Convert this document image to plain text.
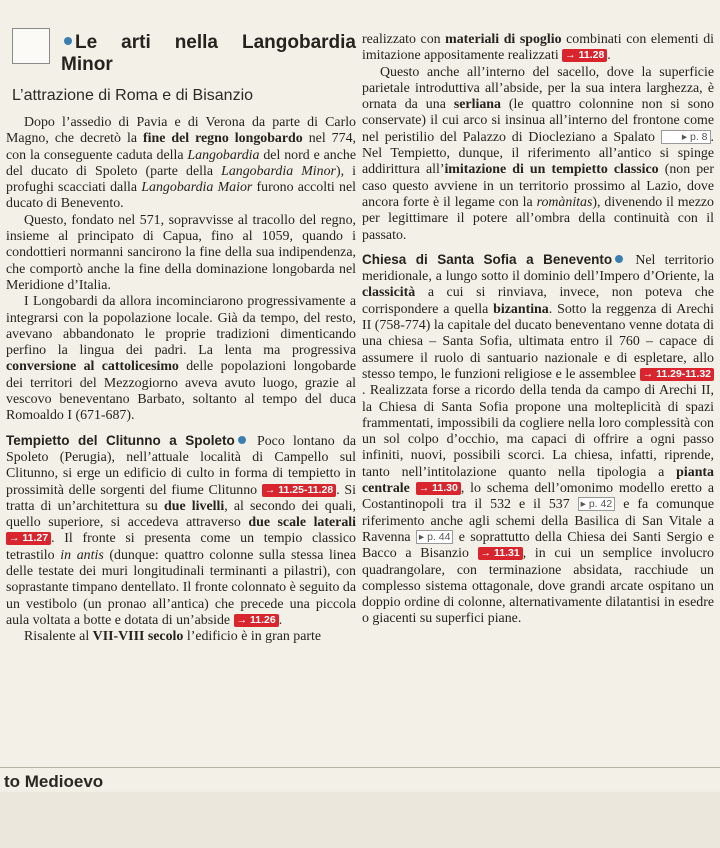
Le arti nella Langobardia Minor
L’attrazione di Roma e di Bisanzio

Dopo l’assedio di Pavia e di Verona da parte di Carlo Magno, che decretò la fine del regno longobardo nel 774, con la conseguente caduta della Langobardia del nord e anche del ducato di Spoleto (parte della Langobardia Minor), i profughi scacciati dalla Langobardia Maior furono accolti nel ducato di Benevento.

Questo, fondato nel 571, sopravvisse al tracollo del regno, insieme al principato di Capua, fino al 1059, quando i condottieri normanni sancirono la fine della sua indipendenza, che comportò anche la fine della dominazione longobarda nel Meridione d’Italia.

I Longobardi da allora incominciarono progressivamente a integrarsi con la popolazione locale. Già da tempo, del resto, avevano abbandonato le proprie tradizioni dimenticando perfino la lingua dei padri. La lenta ma progressiva conversione al cattolicesimo delle popolazioni longobarde dei territori del Mezzogiorno aveva avuto luogo, grazie al vescovo beneventano Barbato, soltanto al tempo del duca Romoaldo I (671-687).

Tempietto del Clitunno a Spoleto Poco lontano da Spoleto (Perugia), nell’attuale località di Campello sul Clitunno, si erge un edificio di culto in forma di tempietto in prossimità delle sorgenti del fiume Clitunno → 11.25-11.28 . Si tratta di un’architettura su due livelli, al secondo dei quali, quello superiore, si accedeva attraverso due scale laterali → 11.27 . Il fronte si presenta come un tempio classico tetrastilo in antis (dunque: quattro colonne sulla stessa linea delle testate dei muri longitudinali terminanti a pilastri), con soprastante timpano dentellato. Il fronte colonnato è seguito da un vestibolo (un pronao all’antica) che precede una piccola aula voltata a botte e dotata di un’abside → 11.26 .

Risalente al VII-VIII secolo l’edificio è in gran parte

realizzato con materiali di spoglio combinati con elementi di imitazione appositamente realizzati → 11.28 .

Questo anche all’interno del sacello, dove la superficie parietale introduttiva all’abside, per la sua intera larghezza, è ornata da una serliana (le quattro colonnine non si sono conservate) il cui arco si insinua all’interno del frontone come nel peristilio del Palazzo di Diocleziano a Spalato ▸ p. 8 . Nel Tempietto, dunque, il riferimento all’antico si spinge addirittura all’imitazione di un tempietto classico (non per caso questo avviene in un territorio prossimo al Lazio, dove ancora forte è il legame con la romànitas), divenendo il mezzo per legittimare il potere all’ombra della continuità con il passato.

Chiesa di Santa Sofia a Benevento Nel territorio meridionale, a lungo sotto il dominio dell’Impero d’Oriente, la classicità a cui si rinviava, invece, non poteva che corrispondere a quella bizantina. Sotto la reggenza di Arechi II (758-774) la capitale del ducato beneventano venne dotata di una chiesa – Santa Sofia, ultimata entro il 760 – capace di assumere il ruolo di santuario nazionale e di espletare, allo stesso tempo, le funzioni religiose e le assemblee → 11.29-11.32. Realizzata forse a ricordo della tenda da campo di Arechi II, la Chiesa di Santa Sofia propone una molteplicità di spazi frammentati, impossibili da cogliere nella loro complessità con un sol colpo d’occhio, ma capaci di offrire a ogni passo infiniti, nuovi, possibili scorci. La chiesa, infatti, riprende, tanto nell’intitolazione quanto nella tipologia a pianta centrale → 11.30 , lo schema dell’omonimo modello eretto a Costantinopoli tra il 532 e il 537 ▸ p. 42 e fa comunque riferimento anche agli schemi della Basilica di San Vitale a Ravenna ▸ p. 44 e soprattutto della Chiesa dei Santi Sergio e Bacco a Bisanzio → 11.31 , in cui un semplice involucro quadrangolare, con terminazione absidata, racchiude un complesso sistema ottagonale, dove grandi arcate ospitano un doppio ordine di colonne, alternativamente dilatantisi in esedre o giacenti su superfici piane.

to Medioevo
